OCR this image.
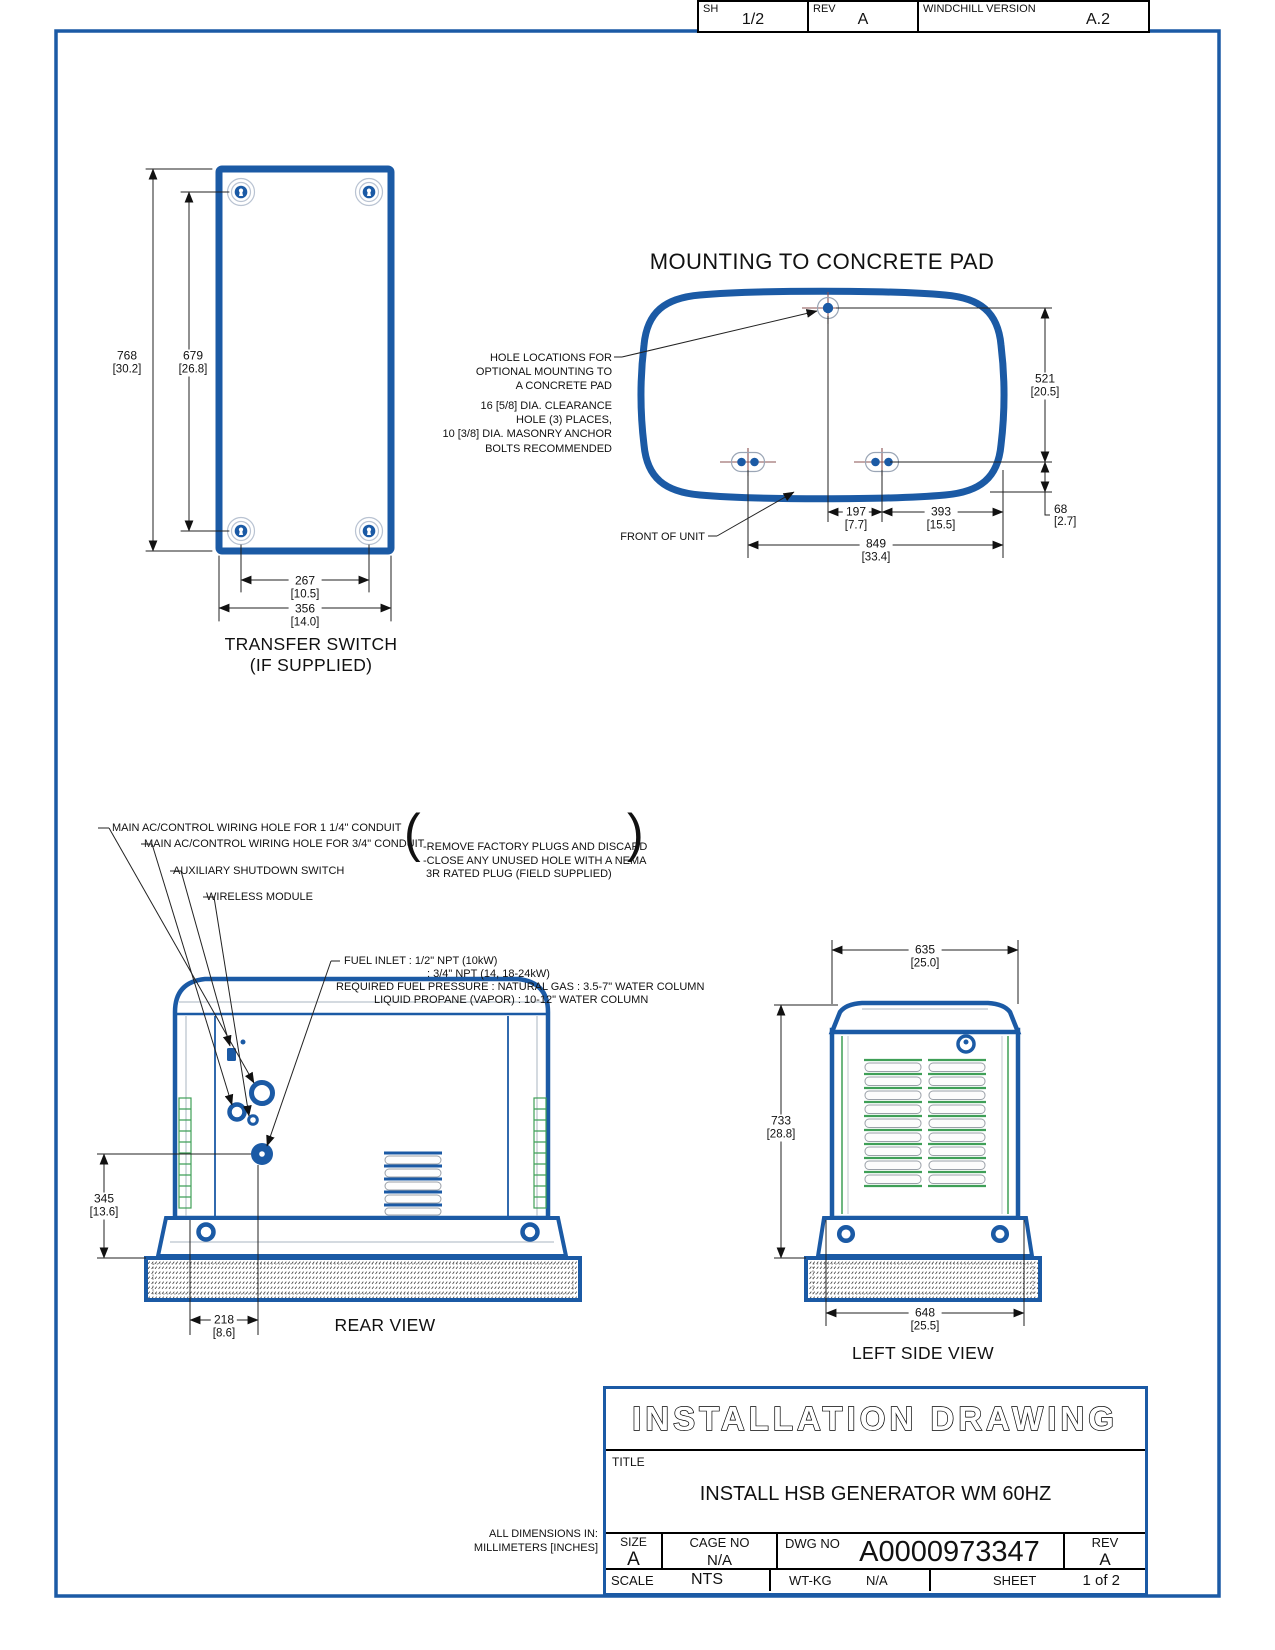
SH
1/2
REV
A
WINDCHILL VERSION
A.2
768
[30.2]
679
[26.8]
267
[10.5]
356
[14.0]
TRANSFER SWITCH
(IF SUPPLIED)
MOUNTING TO CONCRETE PAD
HOLE LOCATIONS FOR
OPTIONAL MOUNTING TO
A CONCRETE PAD
16 [5/8] DIA. CLEARANCE
HOLE (3) PLACES,
10 [3/8] DIA. MASONRY ANCHOR
BOLTS RECOMMENDED
FRONT OF UNIT
521
[20.5]
68
[2.7]
197
[7.7]
393
[15.5]
849
[33.4]
MAIN AC/CONTROL WIRING HOLE FOR 1 1/4" CONDUIT
MAIN AC/CONTROL WIRING HOLE FOR 3/4" CONDUIT
AUXILIARY SHUTDOWN SWITCH
WIRELESS MODULE
(

-REMOVE FACTORY PLUGS AND DISCARD
-CLOSE ANY UNUSED HOLE WITH A NEMA
3R RATED PLUG (FIELD SUPPLIED)

)
FUEL INLET : 1/2" NPT (10kW)
: 3/4" NPT (14, 18-24kW)
REQUIRED FUEL PRESSURE : NATURAL GAS : 3.5-7" WATER COLUMN
LIQUID PROPANE (VAPOR) : 10-12" WATER COLUMN
345
[13.6]
218
[8.6]	REAR VIEW
635
[25.0]
733
[28.8]
648
[25.5]
LEFT SIDE VIEW
ALL DIMENSIONS IN:
MILLIMETERS [INCHES]
INSTALLATION DRAWING
TITLE
INSTALL HSB GENERATOR WM 60HZ
SIZE
A
CAGE NO
N/A
DWG NO A0000973347	REV
A
SCALE NTS	WT-KG	N/A	SHEET	1 of 2
